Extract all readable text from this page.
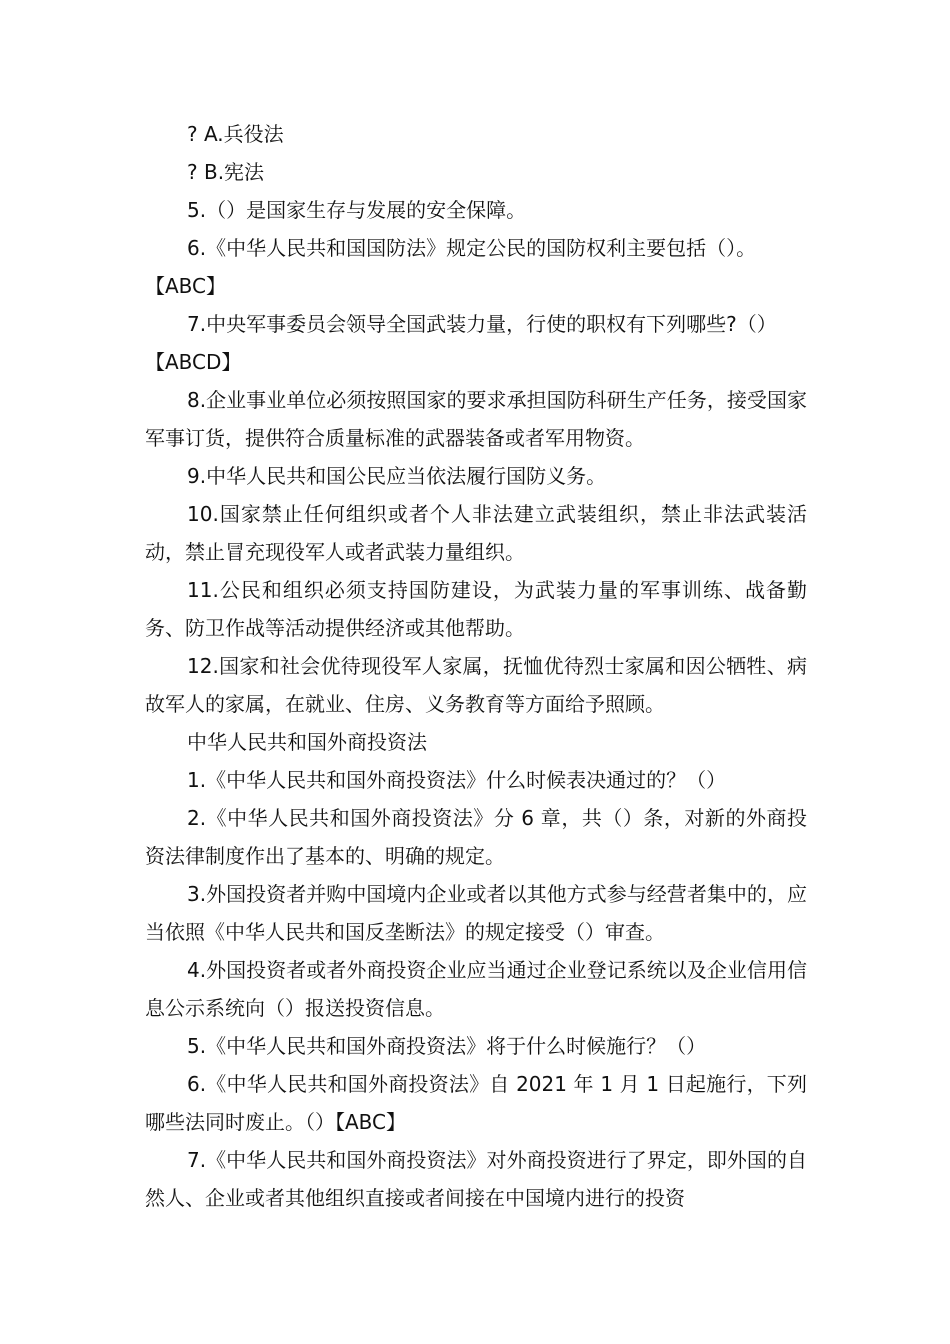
? A.兵役法

? B.宪法

5.（）是国家生存与发展的安全保障。

6.《中华人民共和国国防法》规定公民的国防权利主要包括（）。

【ABC】

7.中央军事委员会领导全国武装力量，行使的职权有下列哪些?（）

【ABCD】

8.企业事业单位必须按照国家的要求承担国防科研生产任务，接受国家军事订货，提供符合质量标准的武器装备或者军用物资。

9.中华人民共和国公民应当依法履行国防义务。

10.国家禁止任何组织或者个人非法建立武装组织，禁止非法武装活动，禁止冒充现役军人或者武装力量组织。

11.公民和组织必须支持国防建设，为武装力量的军事训练、战备勤务、防卫作战等活动提供经济或其他帮助。

12.国家和社会优待现役军人家属，抚恤优待烈士家属和因公牺牲、病故军人的家属，在就业、住房、义务教育等方面给予照顾。

中华人民共和国外商投资法

1.《中华人民共和国外商投资法》什么时候表决通过的？（）

2.《中华人民共和国外商投资法》分 6 章，共（）条，对新的外商投资法律制度作出了基本的、明确的规定。

3.外国投资者并购中国境内企业或者以其他方式参与经营者集中的，应当依照《中华人民共和国反垄断法》的规定接受（）审查。

4.外国投资者或者外商投资企业应当通过企业登记系统以及企业信用信息公示系统向（）报送投资信息。

5.《中华人民共和国外商投资法》将于什么时候施行？（）

6.《中华人民共和国外商投资法》自 2021 年 1 月 1 日起施行，下列哪些法同时废止。（）【ABC】

7.《中华人民共和国外商投资法》对外商投资进行了界定，即外国的自然人、企业或者其他组织直接或者间接在中国境内进行的投资
